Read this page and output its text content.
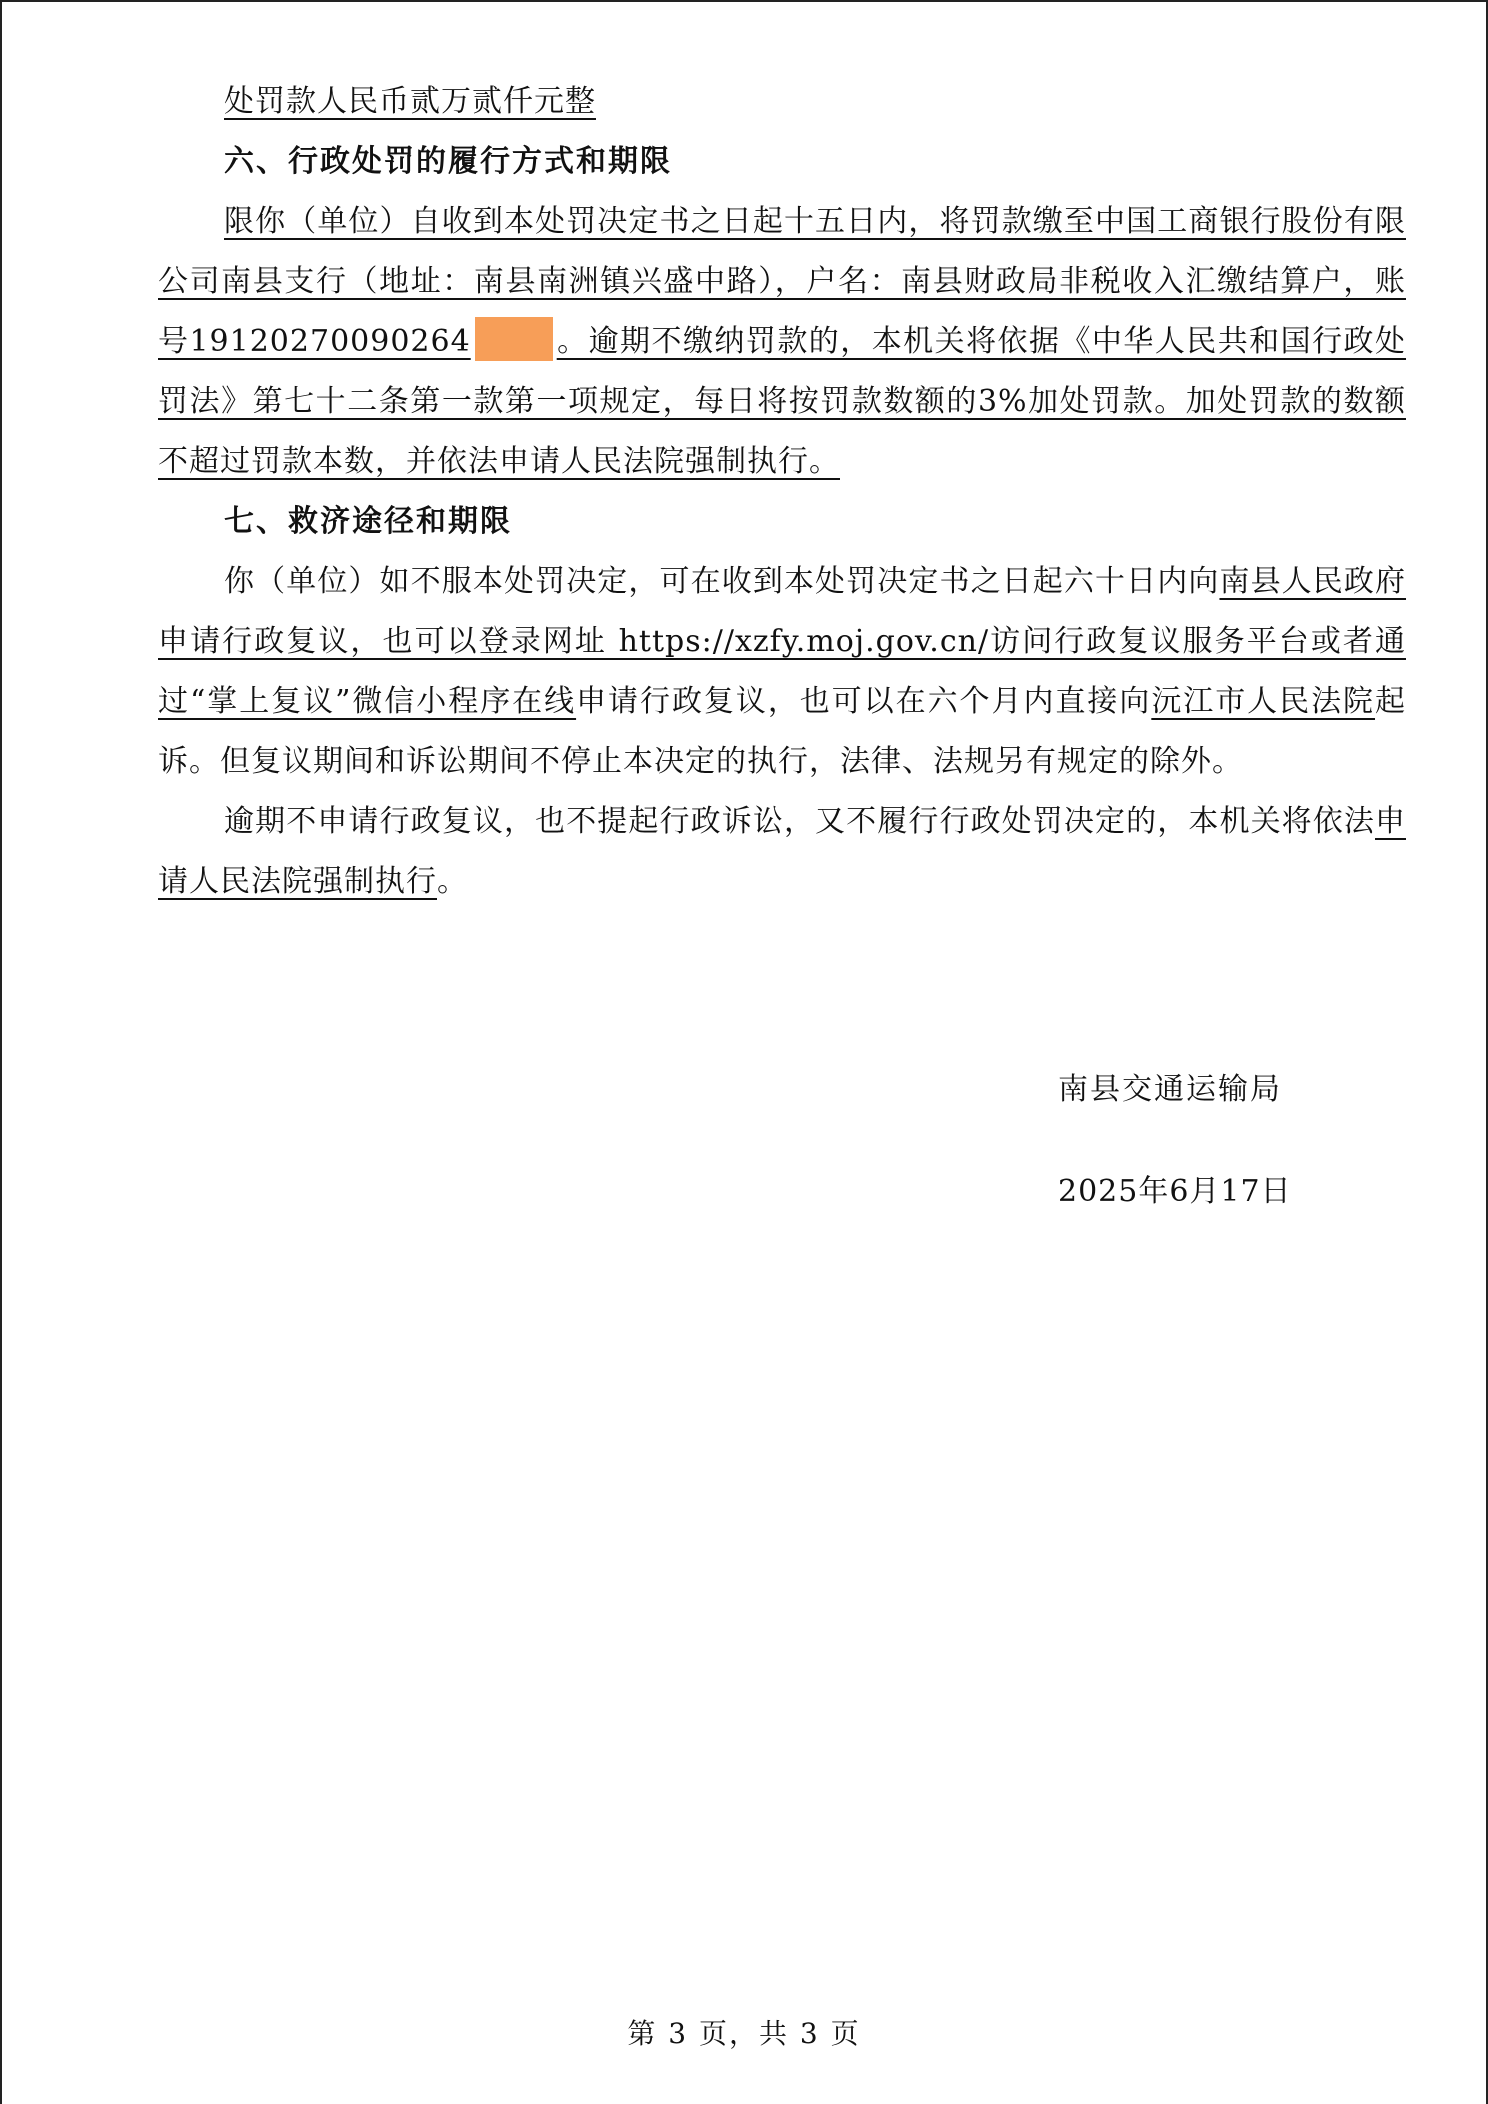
处罚款人民币贰万贰仟元整

六、行政处罚的履行方式和期限

限你（单位）自收到本处罚决定书之日起十五日内，将罚款缴至中国工商银行股份有限公司南县支行（地址：南县南洲镇兴盛中路），户名：南县财政局非税收入汇缴结算户，账号19120270090264	。逾期不缴纳罚款的，本机关将依据《中华人民共和国行政处罚法》第七十二条第一款第一项规定，每日将按罚款数额的3%加处罚款。加处罚款的数额不超过罚款本数，并依法申请人民法院强制执行。

七、救济途径和期限

你（单位）如不服本处罚决定，可在收到本处罚决定书之日起六十日内向南县人民政府申请行政复议，也可以登录网址 https://xzfy.moj.gov.cn/访问行政复议服务平台或者通过“掌上复议”微信小程序在线申请行政复议，也可以在六个月内直接向沅江市人民法院起诉。但复议期间和诉讼期间不停止本决定的执行，法律、法规另有规定的除外。

逾期不申请行政复议，也不提起行政诉讼，又不履行行政处罚决定的，本机关将依法申请人民法院强制执行。

南县交通运输局
2025年6月17日
第 3 页，共 3 页
